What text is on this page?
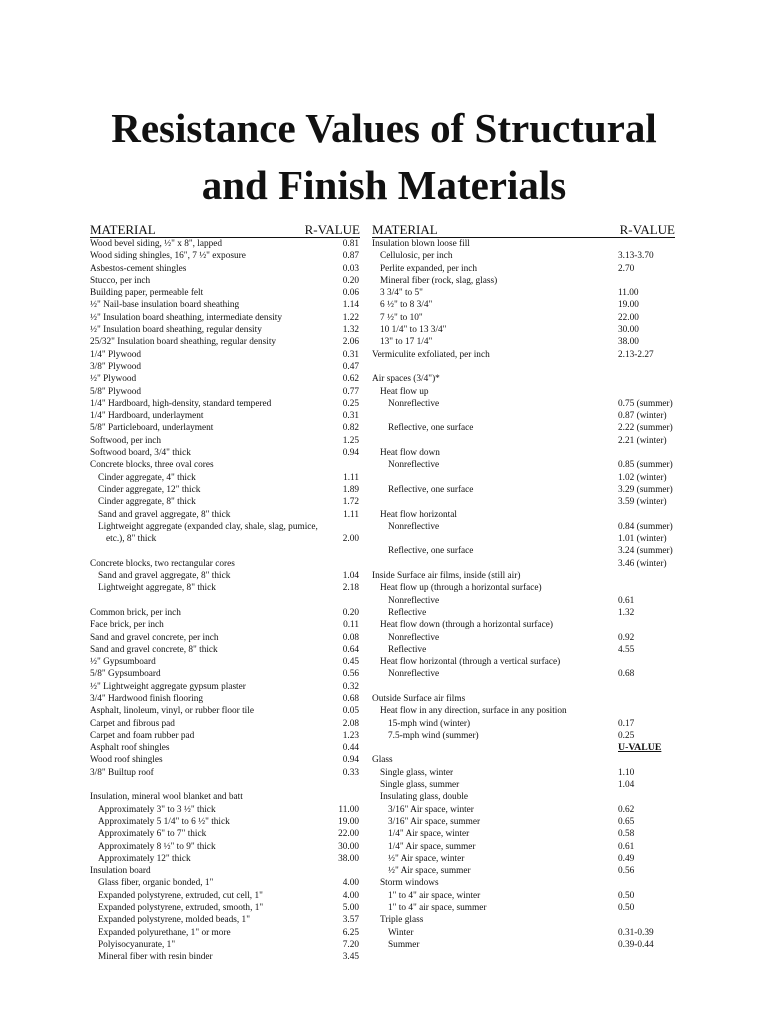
Resistance Values of Structural
and Finish Materials
MATERIAL	R-VALUE
Wood bevel siding, ½" x 8", lapped	0.81
Wood siding shingles, 16", 7 ½" exposure	0.87
Asbestos-cement shingles	0.03
Stucco, per inch	0.20
Building paper, permeable felt	0.06
½" Nail-base insulation board sheathing	1.14
½" Insulation board sheathing, intermediate density	1.22
½" Insulation board sheathing, regular density	1.32
25/32" Insulation board sheathing, regular density	2.06
1/4" Plywood	0.31
3/8" Plywood	0.47
½" Plywood	0.62
5/8" Plywood	0.77
1/4" Hardboard, high-density, standard tempered	0.25
1/4" Hardboard, underlayment	0.31
5/8" Particleboard, underlayment	0.82
Softwood, per inch	1.25
Softwood board, 3/4" thick	0.94
Concrete blocks, three oval cores
Cinder aggregate, 4" thick	1.11
Cinder aggregate, 12" thick	1.89
Cinder aggregate, 8" thick	1.72
Sand and gravel aggregate, 8" thick	1.11
Lightweight aggregate (expanded clay, shale, slag, pumice,
etc.), 8" thick	2.00
Concrete blocks, two rectangular cores
Sand and gravel aggregate, 8" thick	1.04
Lightweight aggregate, 8" thick	2.18
Common brick, per inch	0.20
Face brick, per inch	0.11
Sand and gravel concrete, per inch	0.08
Sand and gravel concrete, 8" thick	0.64
½" Gypsumboard	0.45
5/8" Gypsumboard	0.56
½" Lightweight aggregate gypsum plaster	0.32
3/4" Hardwood finish flooring	0.68
Asphalt, linoleum, vinyl, or rubber floor tile	0.05
Carpet and fibrous pad	2.08
Carpet and foam rubber pad	1.23
Asphalt roof shingles	0.44
Wood roof shingles	0.94
3/8" Builtup roof	0.33
Insulation, mineral wool blanket and batt
Approximately 3" to 3 ½" thick	11.00
Approximately 5 1/4" to 6 ½" thick	19.00
Approximately 6" to 7" thick	22.00
Approximately 8 ½" to 9" thick	30.00
Approximately 12" thick	38.00
Insulation board
Glass fiber, organic bonded, 1"	4.00
Expanded polystyrene, extruded, cut cell, 1"	4.00
Expanded polystyrene, extruded, smooth, 1"	5.00
Expanded polystyrene, molded beads, 1"	3.57
Expanded polyurethane, 1" or more	6.25
Polyisocyanurate, 1"	7.20
Mineral fiber with resin binder	3.45
MATERIAL	R-VALUE
Insulation blown loose fill
Cellulosic, per inch	3.13-3.70
Perlite expanded, per inch	2.70
Mineral fiber (rock, slag, glass)
3 3/4" to 5"	11.00
6 ½" to 8 3/4"	19.00
7 ½" to 10"	22.00
10 1/4" to 13 3/4"	30.00
13" to 17 1/4"	38.00
Vermiculite exfoliated, per inch	2.13-2.27
Air spaces (3/4")*
Heat flow up
Nonreflective	0.75 (summer)
0.87 (winter)
Reflective, one surface	2.22 (summer)
2.21 (winter)
Heat flow down
Nonreflective	0.85 (summer)
1.02 (winter)
Reflective, one surface	3.29 (summer)
3.59 (winter)
Heat flow horizontal
Nonreflective	0.84 (summer)
1.01 (winter)
Reflective, one surface	3.24 (summer)
3.46 (winter)
Inside Surface air films, inside (still air)
Heat flow up (through a horizontal surface)
Nonreflective	0.61
Reflective	1.32
Heat flow down (through a horizontal surface)
Nonreflective	0.92
Reflective	4.55
Heat flow horizontal (through a vertical surface)
Nonreflective	0.68
Outside Surface air films
Heat flow in any direction, surface in any position
15-mph wind (winter)	0.17
7.5-mph wind (summer)	0.25
U-VALUE
Glass
Single glass, winter	1.10
Single glass, summer	1.04
Insulating glass, double
3/16" Air space, winter	0.62
3/16" Air space, summer	0.65
1/4" Air space, winter	0.58
1/4" Air space, summer	0.61
½" Air space, winter	0.49
½" Air space, summer	0.56
Storm windows
1" to 4" air space, winter	0.50
1" to 4" air space, summer	0.50
Triple glass
Winter	0.31-0.39
Summer	0.39-0.44
